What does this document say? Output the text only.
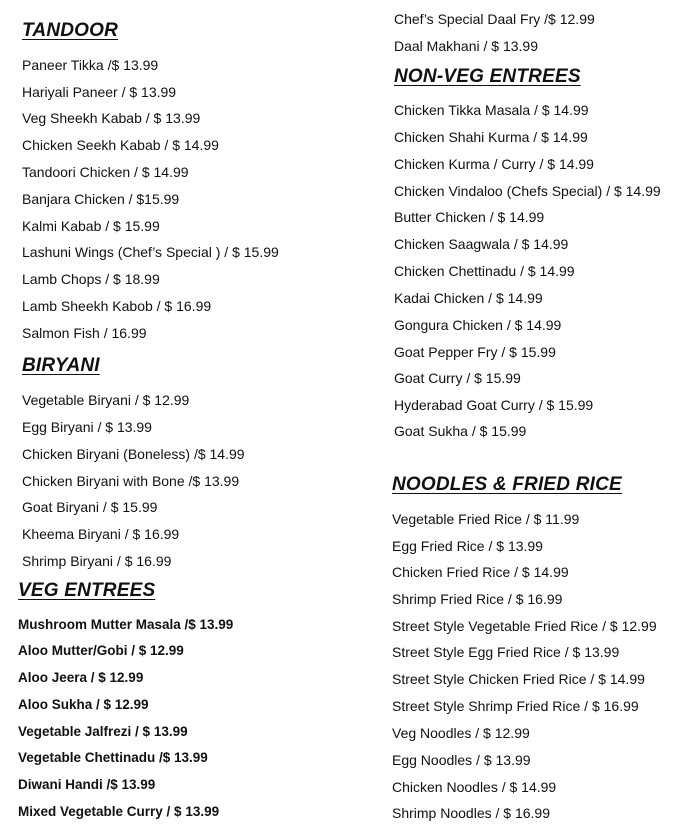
TANDOOR
Paneer Tikka /$ 13.99
Hariyali Paneer / $ 13.99
Veg Sheekh Kabab / $ 13.99
Chicken Seekh Kabab / $ 14.99
Tandoori Chicken / $ 14.99
Banjara Chicken / $15.99
Kalmi Kabab / $ 15.99
Lashuni Wings (Chef’s Special ) / $ 15.99
Lamb Chops / $ 18.99
Lamb Sheekh Kabob / $ 16.99
Salmon Fish / 16.99
BIRYANI
Vegetable Biryani / $ 12.99
Egg Biryani / $ 13.99
Chicken Biryani (Boneless) /$ 14.99
Chicken Biryani with Bone /$ 13.99
Goat Biryani / $ 15.99
Kheema Biryani / $ 16.99
Shrimp Biryani / $ 16.99
VEG ENTREES
Mushroom Mutter Masala /$ 13.99
Aloo Mutter/Gobi / $ 12.99
Aloo Jeera / $ 12.99
Aloo Sukha / $ 12.99
Vegetable Jalfrezi / $ 13.99
Vegetable Chettinadu /$ 13.99
Diwani Handi /$ 13.99
Mixed Vegetable Curry / $ 13.99
Chef’s Special Daal Fry /$ 12.99
Daal Makhani / $ 13.99
NON-VEG ENTREES
Chicken Tikka Masala / $ 14.99
Chicken Shahi Kurma / $ 14.99
Chicken Kurma / Curry / $ 14.99
Chicken Vindaloo (Chefs Special) / $ 14.99
Butter Chicken / $ 14.99
Chicken Saagwala / $ 14.99
Chicken Chettinadu / $ 14.99
Kadai Chicken / $ 14.99
Gongura Chicken / $ 14.99
Goat Pepper Fry / $ 15.99
Goat Curry / $ 15.99
Hyderabad Goat Curry / $ 15.99
Goat Sukha / $ 15.99
NOODLES & FRIED RICE
Vegetable Fried Rice / $ 11.99
Egg Fried Rice / $ 13.99
Chicken Fried Rice / $ 14.99
Shrimp Fried Rice / $ 16.99
Street Style Vegetable Fried Rice / $ 12.99
Street Style Egg Fried Rice / $ 13.99
Street Style Chicken Fried Rice / $ 14.99
Street Style Shrimp Fried Rice / $ 16.99
Veg Noodles / $ 12.99
Egg Noodles / $ 13.99
Chicken Noodles / $ 14.99
Shrimp Noodles / $ 16.99
